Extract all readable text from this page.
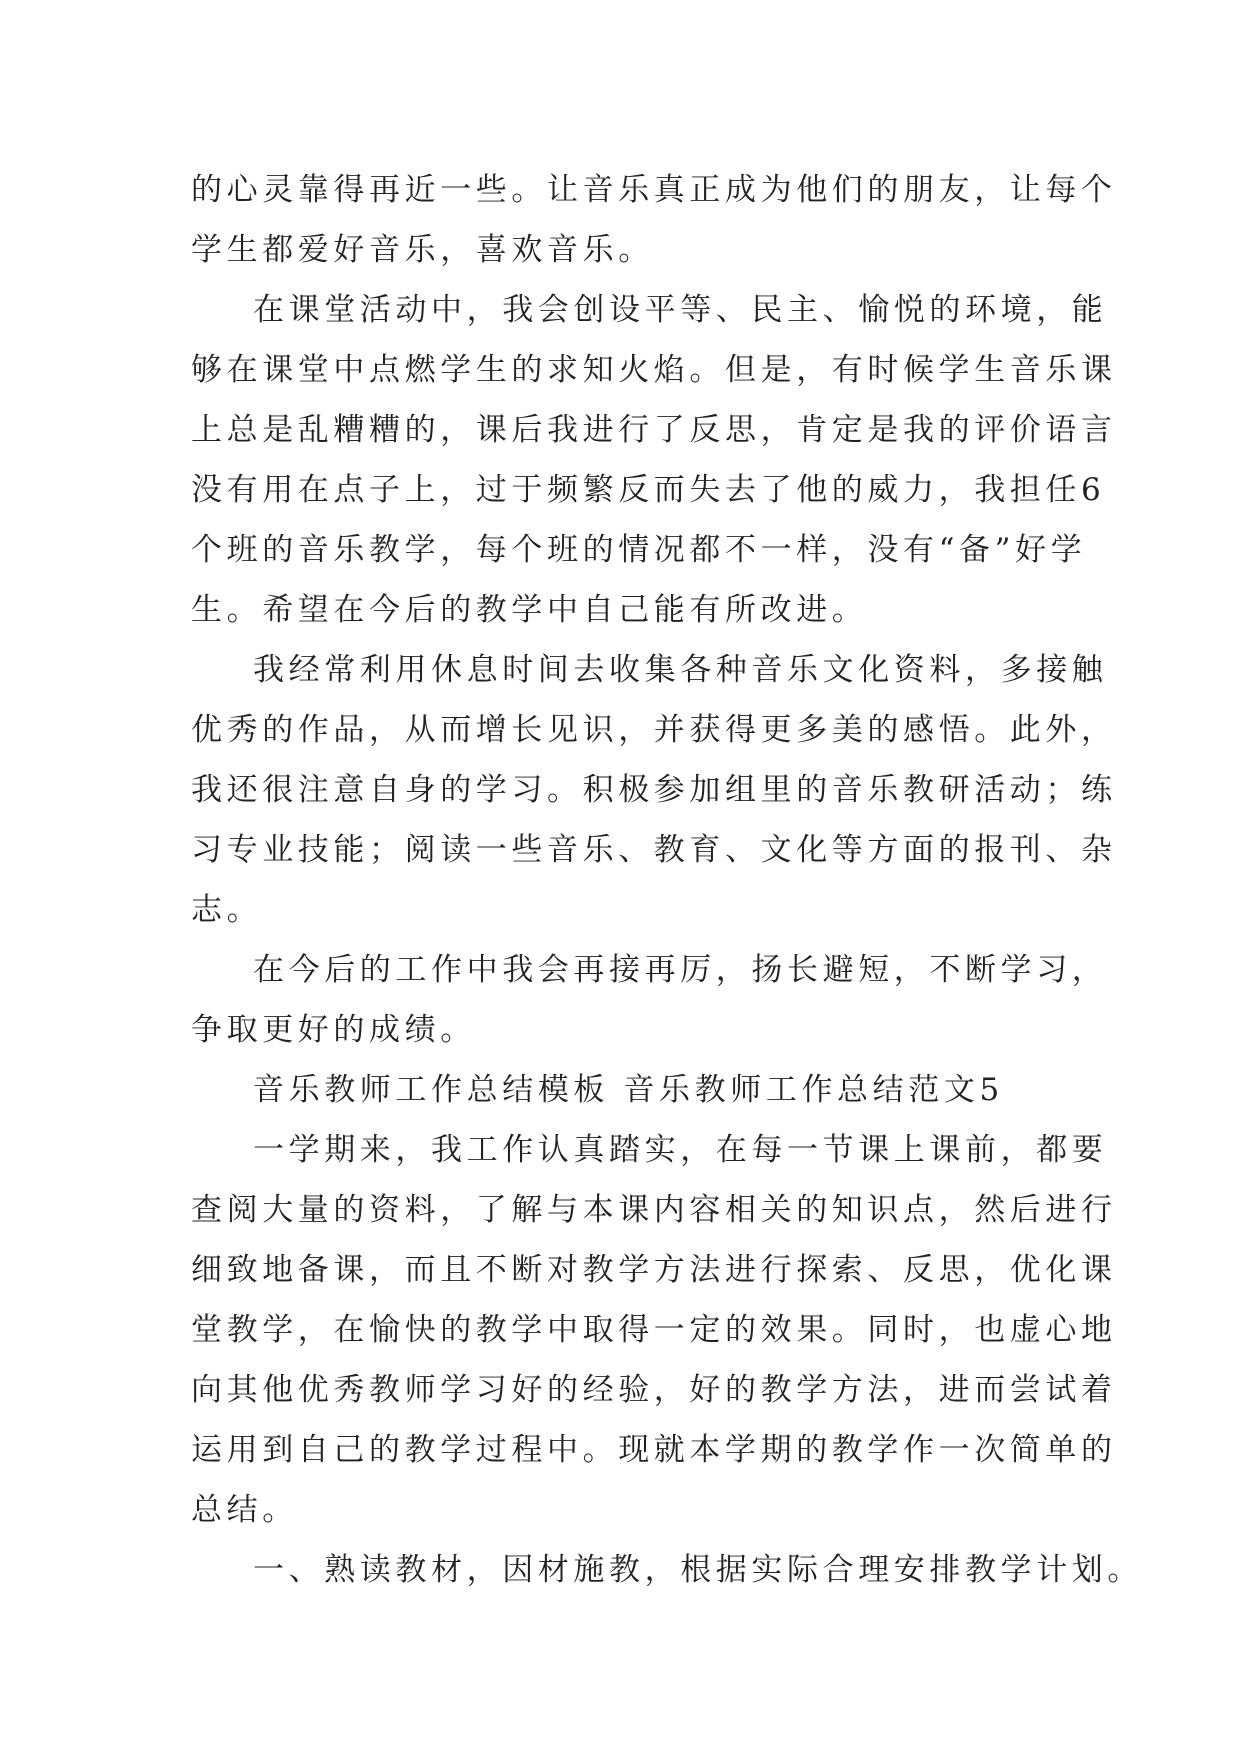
的心灵靠得再近一些。让音乐真正成为他们的朋友，让每个
学生都爱好音乐，喜欢音乐。
在课堂活动中，我会创设平等、民主、愉悦的环境，能
够在课堂中点燃学生的求知火焰。但是，有时候学生音乐课
上总是乱糟糟的，课后我进行了反思，肯定是我的评价语言
没有用在点子上，过于频繁反而失去了他的威力，我担任6
个班的音乐教学，每个班的情况都不一样，没有“备”好学
生。希望在今后的教学中自己能有所改进。
我经常利用休息时间去收集各种音乐文化资料，多接触
优秀的作品，从而增长见识，并获得更多美的感悟。此外，
我还很注意自身的学习。积极参加组里的音乐教研活动；练
习专业技能；阅读一些音乐、教育、文化等方面的报刊、杂
志。
在今后的工作中我会再接再厉，扬长避短，不断学习，
争取更好的成绩。
音乐教师工作总结模板 音乐教师工作总结范文5
一学期来，我工作认真踏实，在每一节课上课前，都要
查阅大量的资料，了解与本课内容相关的知识点，然后进行
细致地备课，而且不断对教学方法进行探索、反思，优化课
堂教学，在愉快的教学中取得一定的效果。同时，也虚心地
向其他优秀教师学习好的经验，好的教学方法，进而尝试着
运用到自己的教学过程中。现就本学期的教学作一次简单的
总结。
一、熟读教材，因材施教，根据实际合理安排教学计划。
